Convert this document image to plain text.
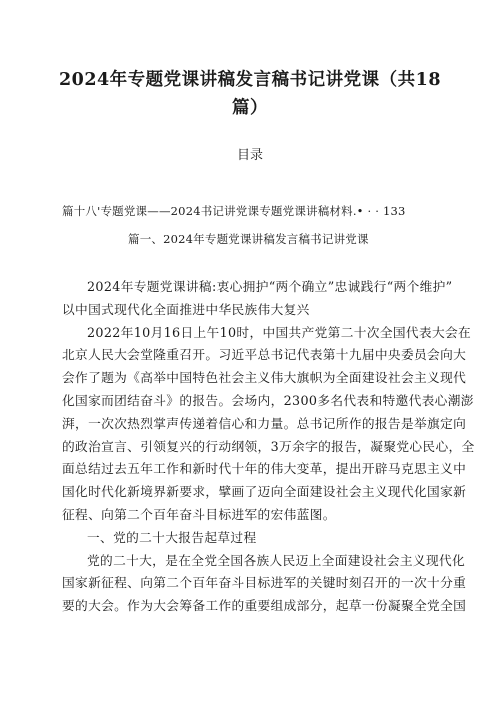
2024年专题党课讲稿发言稿书记讲党课（共18
篇）
目录
篇十八'专题党课——2024书记讲党课专题党课讲稿材料.• · · 133
篇一、2024年专题党课讲稿发言稿书记讲党课
2024年专题党课讲稿:衷心拥护“两个确立”忠诚践行“两个维护”
以中国式现代化全面推进中华民族伟大复兴
2022年10月16日上午10时，中国共产党第二十次全国代表大会在
北京人民大会堂隆重召开。习近平总书记代表第十九届中央委员会向大
会作了题为《高举中国特色社会主义伟大旗帜为全面建设社会主义现代
化国家而团结奋斗》的报告。会场内，2300多名代表和特邀代表心潮澎
湃，一次次热烈掌声传递着信心和力量。总书记所作的报告是举旗定向
的政治宣言、引领复兴的行动纲领，3万余字的报告，凝聚党心民心，全
面总结过去五年工作和新时代十年的伟大变革，提出开辟马克思主义中
国化时代化新境界新要求，擘画了迈向全面建设社会主义现代化国家新
征程、向第二个百年奋斗目标进军的宏伟蓝图。
一、党的二十大报告起草过程
党的二十大，是在全党全国各族人民迈上全面建设社会主义现代化
国家新征程、向第二个百年奋斗目标进军的关键时刻召开的一次十分重
要的大会。作为大会筹备工作的重要组成部分，起草一份凝聚全党全国
